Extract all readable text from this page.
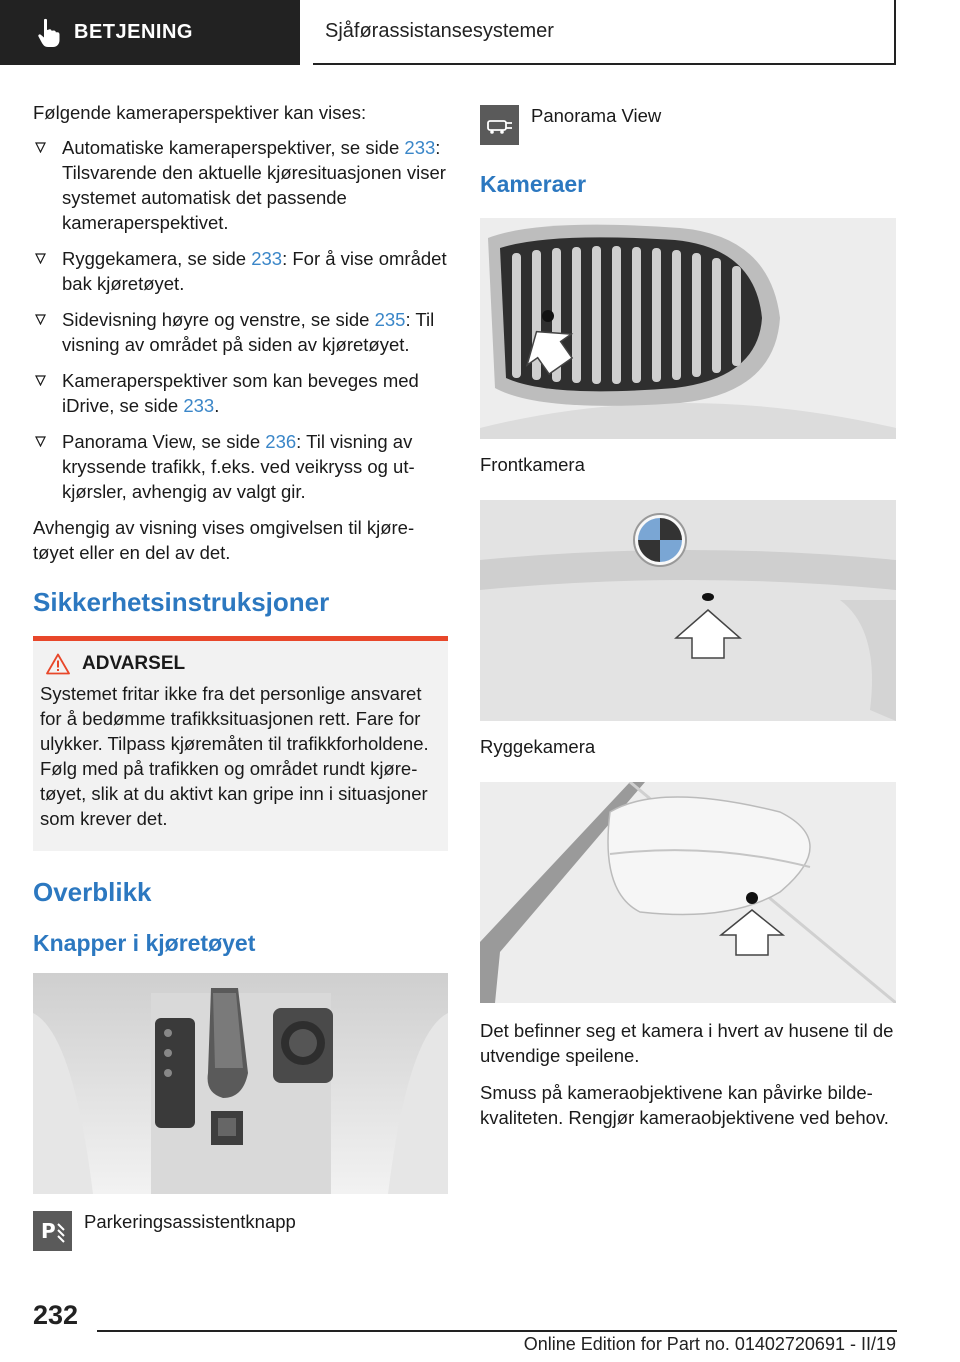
BETJENING	Sjåførassistansesystemer

Følgende kameraperspektiver kan vises:

Automatiske kameraperspektiver, se side 233: Tilsvarende den aktuelle kjøresituasjonen viser systemet automatisk det passende kameraperspektivet.
Ryggekamera, se side 233: For å vise området bak kjøretøyet.
Sidevisning høyre og venstre, se side 235: Til visning av området på siden av kjøretøyet.
Kameraperspektiver som kan beveges med iDrive, se side 233.
Panorama View, se side 236: Til visning av kryssende trafikk, f.eks. ved veikryss og utkjørsler, avhengig av valgt gir.

Avhengig av visning vises omgivelsen til kjøretøyet eller en del av det.

Sikkerhetsinstruksjoner
ADVARSEL
Systemet fritar ikke fra det personlige ansvaret for å bedømme trafikksituasjonen rett. Fare for ulykker. Tilpass kjøremåten til trafikkforholdene. Følg med på trafikken og området rundt kjøretøyet, slik at du aktivt kan gripe inn i situasjoner som krever det.
Overblikk
Knapper i kjøretøyet
P Parkeringsassistentknapp
Panorama View
Kameraer
Frontkamera
Ryggekamera

Det befinner seg et kamera i hvert av husene til de utvendige speilene.

Smuss på kameraobjektivene kan påvirke bildekvaliteten. Rengjør kameraobjektivene ved behov.

232
Online Edition for Part no. 01402720691 - II/19
